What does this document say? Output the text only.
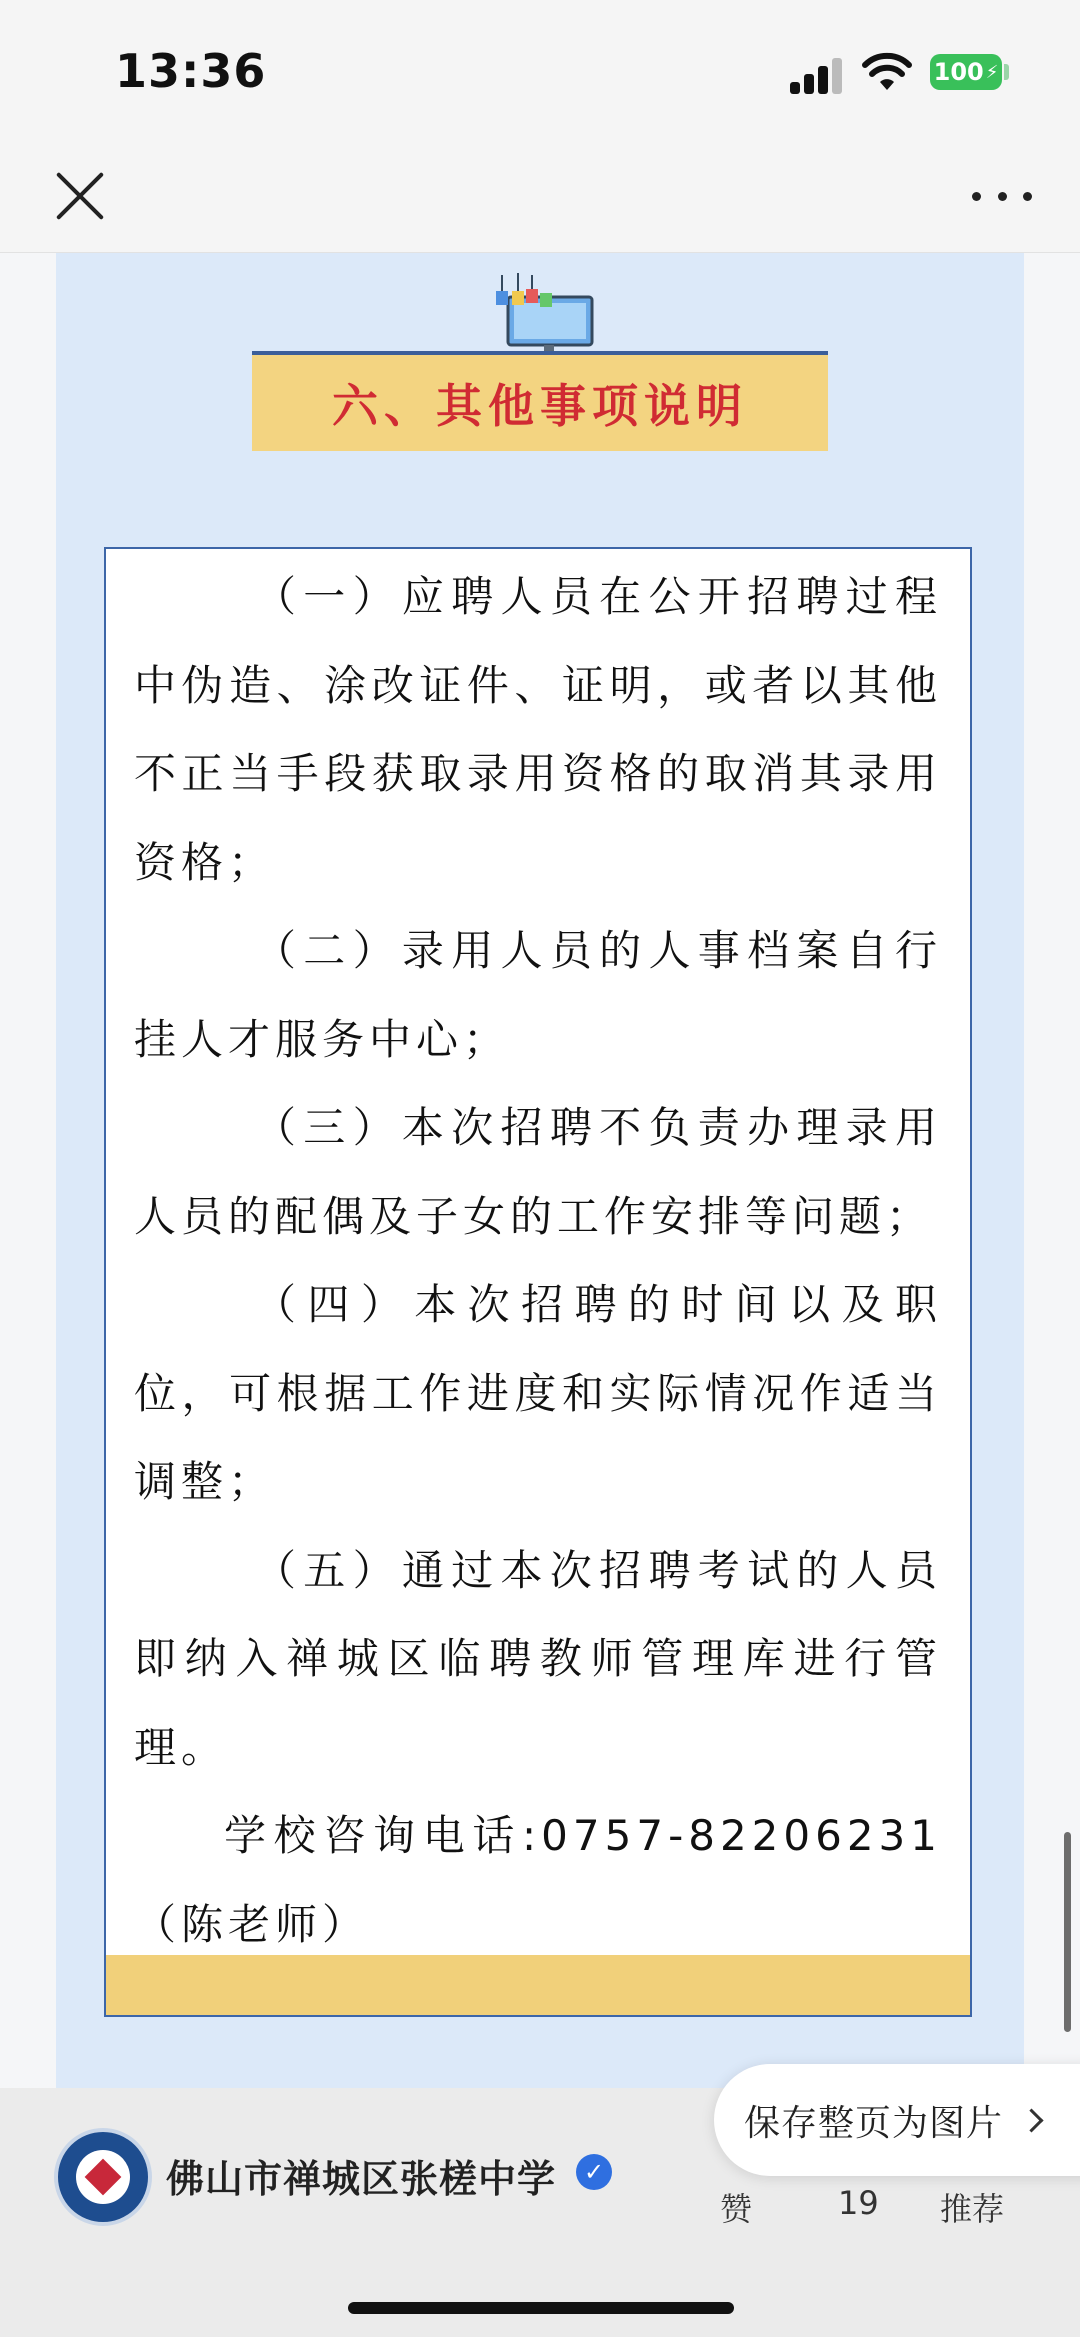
13:36	100 ⚡
六、其他事项说明

（一）应聘人员在公开招聘过程中伪造、涂改证件、证明，或者以其他不正当手段获取录用资格的取消其录用资格；

（二）录用人员的人事档案自行挂人才服务中心；

（三）本次招聘不负责办理录用人员的配偶及子女的工作安排等问题；

（四）本次招聘的时间以及职位，可根据工作进度和实际情况作适当调整；

（五）通过本次招聘考试的人员即纳入禅城区临聘教师管理库进行管理。

学校咨询电话:0757-82206231（陈老师）

佛山市禅城区张槎中学	✓
赞	19 推荐
保存整页为图片
